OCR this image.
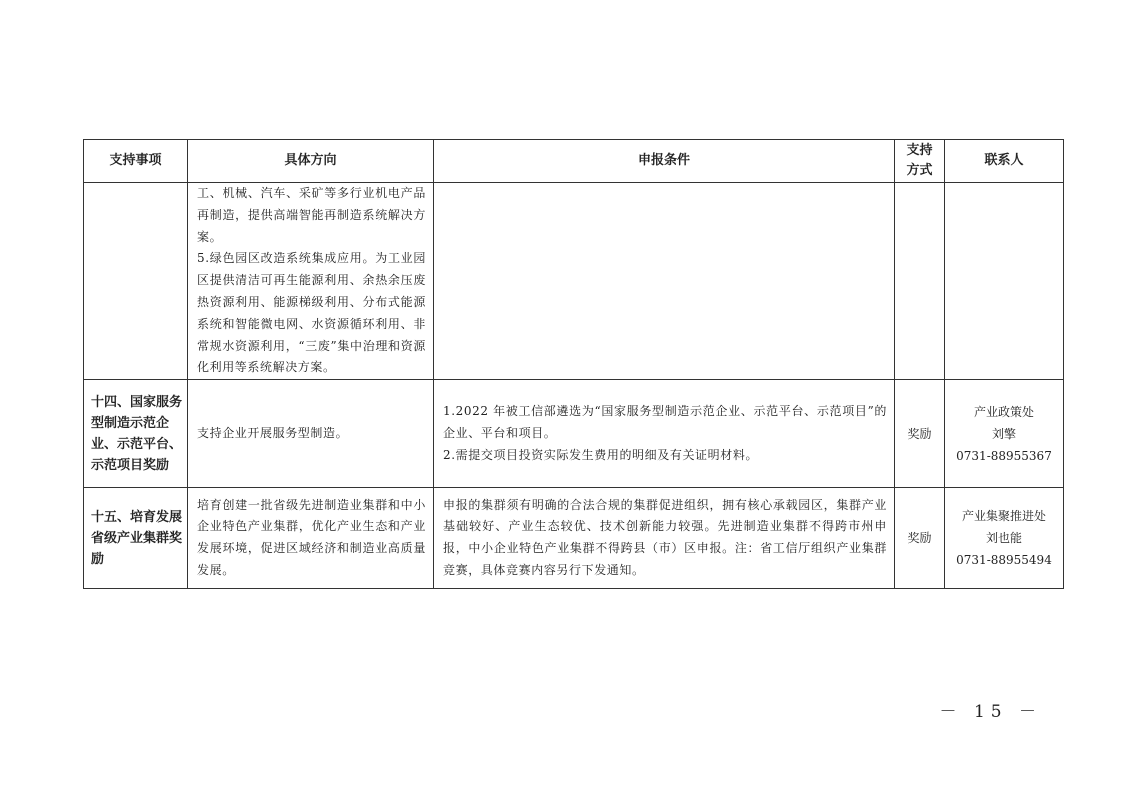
支持事项	具体方向	申报条件	支持方式	联系人

	工、机械、汽车、采矿等多行业机电产品再制造，提供高端智能再制造系统解决方案。
5.绿色园区改造系统集成应用。为工业园区提供清洁可再生能源利用、余热余压废热资源利用、能源梯级利用、分布式能源系统和智能微电网、水资源循环利用、非常规水资源利用，“三废”集中治理和资源化利用等系统解决方案。			

十四、国家服务型制造示范企业、示范平台、示范项目奖励	支持企业开展服务型制造。	1.2022 年被工信部遴选为“国家服务型制造示范企业、示范平台、示范项目”的企业、平台和项目。
2.需提交项目投资实际发生费用的明细及有关证明材料。	奖励	产业政策处
刘擎
0731-88955367

十五、培育发展省级产业集群奖励	培育创建一批省级先进制造业集群和中小企业特色产业集群，优化产业生态和产业发展环境，促进区域经济和制造业高质量发展。	申报的集群须有明确的合法合规的集群促进组织，拥有核心承载园区，集群产业基础较好、产业生态较优、技术创新能力较强。先进制造业集群不得跨市州申报，中小企业特色产业集群不得跨县（市）区申报。注：省工信厅组织产业集群竞赛，具体竞赛内容另行下发通知。	奖励	产业集聚推进处
刘也能
0731-88955494
－ 15 －
